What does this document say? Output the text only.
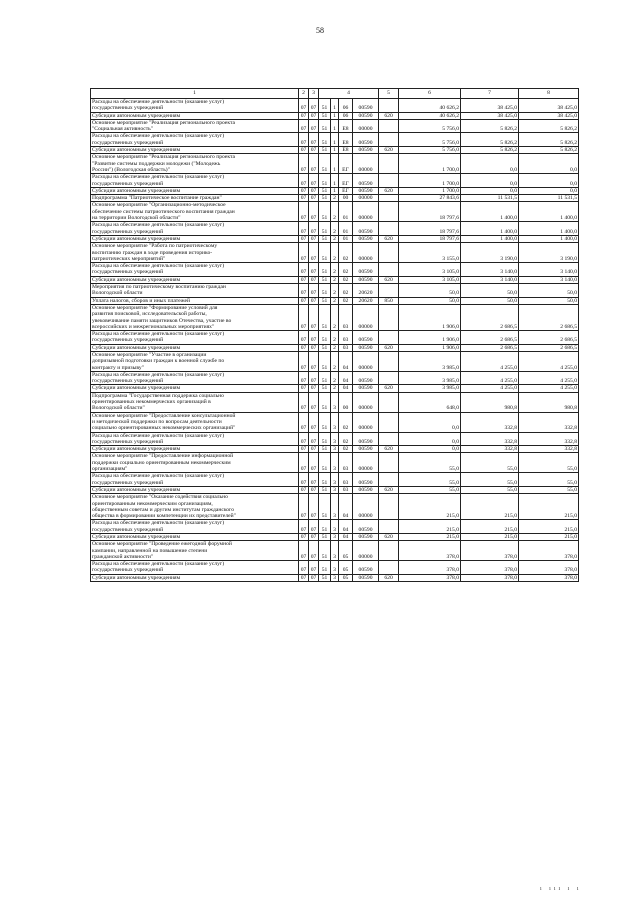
58
1	2	3	4				5	6	7	8
Расходы на обеспечение деятельности (оказание услуг)
государственных учреждений	07	07	51	1	06	00590		40 626,2	38 425,0	38 425,0
Субсидии автономным учреждениям	07	07	51	1	06	00590	620	40 626,2	38 425,0	38 425,0
Основное мероприятие "Реализация регионального проекта
"Социальная активность"	07	07	51	1	Е8	00000		5 756,0	5 826,2	5 826,2
Расходы на обеспечение деятельности (оказание услуг)
государственных учреждений	07	07	51	1	Е8	00590		5 756,0	5 826,2	5 826,2
Субсидии автономным учреждениям	07	07	51	1	Е8	00590	620	5 756,0	5 826,2	5 826,2
Основное мероприятие "Реализация регионального проекта
"Развитие системы поддержки молодежи ("Молодежь
России") (Вологодская область)"	07	07	51	1	ЕГ	00000		1 700,0	0,0	0,0
Расходы на обеспечение деятельности (оказание услуг)
государственных учреждений	07	07	51	1	ЕГ	00590		1 700,0	0,0	0,0
Субсидии автономным учреждениям	07	07	51	1	ЕГ	00590	620	1 700,0	0,0	0,0
Подпрограмма "Патриотическое воспитание граждан"	07	07	51	2	00	00000		27 843,6	11 531,5	11 531,5
Основное мероприятие "Организационно-методическое
обеспечение системы патриотического воспитания граждан
на территории Вологодской области"	07	07	51	2	01	00000		18 797,6	1 400,0	1 400,0
Расходы на обеспечение деятельности (оказание услуг)
государственных учреждений	07	07	51	2	01	00590		18 797,6	1 400,0	1 400,0
Субсидии автономным учреждениям	07	07	51	2	01	00590	620	18 797,6	1 400,0	1 400,0
Основное мероприятие "Работа по патриотическому
воспитанию граждан в ходе проведения историко-
патриотических мероприятий"	07	07	51	2	02	00000		3 155,0	3 190,0	3 190,0
Расходы на обеспечение деятельности (оказание услуг)
государственных учреждений	07	07	51	2	02	00590		3 105,0	3 140,0	3 140,0
Субсидии автономным учреждениям	07	07	51	2	02	00590	620	3 105,0	3 140,0	3 140,0
Мероприятия по патриотическому воспитанию граждан
Вологодской области	07	07	51	2	02	20620		50,0	50,0	50,0
Уплата налогов, сборов и иных платежей	07	07	51	2	02	20620	850	50,0	50,0	50,0
Основное мероприятие "Формирование условий для
развития поисковой, исследовательской работы,
увековечивание памяти защитников Отечества, участие во
всероссийских и межрегиональных мероприятиях"	07	07	51	2	03	00000		1 906,0	2 686,5	2 686,5
Расходы на обеспечение деятельности (оказание услуг)
государственных учреждений	07	07	51	2	03	00590		1 906,0	2 686,5	2 686,5
Субсидии автономным учреждениям	07	07	51	2	03	00590	620	1 906,0	2 686,5	2 686,5
Основное мероприятие "Участие в организации
допризывной подготовки граждан к военной службе по
контракту и призыву"	07	07	51	2	04	00000		3 985,0	4 255,0	4 255,0
Расходы на обеспечение деятельности (оказание услуг)
государственных учреждений	07	07	51	2	04	00590		3 985,0	4 255,0	4 255,0
Субсидии автономным учреждениям	07	07	51	2	04	00590	620	3 985,0	4 255,0	4 255,0
Подпрограмма "Государственная поддержка социально
ориентированных некоммерческих организаций в
Вологодской области"	07	07	51	3	00	00000		648,0	980,8	980,8
Основное мероприятие "Предоставление консультационной
и методической поддержки по вопросам деятельности
социально ориентированных некоммерческих организаций"	07	07	51	3	02	00000		0,0	332,8	332,8
Расходы на обеспечение деятельности (оказание услуг)
государственных учреждений	07	07	51	3	02	00590		0,0	332,8	332,8
Субсидии автономным учреждениям	07	07	51	3	02	00590	620	0,0	332,8	332,8
Основное мероприятие "Предоставление информационной
поддержки социально ориентированным некоммерческим
организациям"	07	07	51	3	03	00000		55,0	55,0	55,0
Расходы на обеспечение деятельности (оказание услуг)
государственных учреждений	07	07	51	3	03	00590		55,0	55,0	55,0
Субсидии автономным учреждениям	07	07	51	3	03	00590	620	55,0	55,0	55,0
Основное мероприятие "Оказание содействия социально
ориентированным некоммерческим организациям,
общественным советам и другим институтам гражданского
общества в формировании компетенции их представителей"	07	07	51	3	04	00000		215,0	215,0	215,0
Расходы на обеспечение деятельности (оказание услуг)
государственных учреждений	07	07	51	3	04	00590		215,0	215,0	215,0
Субсидии автономным учреждениям	07	07	51	3	04	00590	620	215,0	215,0	215,0
Основное мероприятие "Проведение ежегодной форумной
кампании, направленной на повышение степени
гражданской активности"	07	07	51	3	05	00000		378,0	378,0	378,0
Расходы на обеспечение деятельности (оказание услуг)
государственных учреждений	07	07	51	3	05	00590		378,0	378,0	378,0
Субсидии автономным учреждениям	07	07	51	3	05	00590	620	378,0	378,0	378,0
ı ııı ı ı
